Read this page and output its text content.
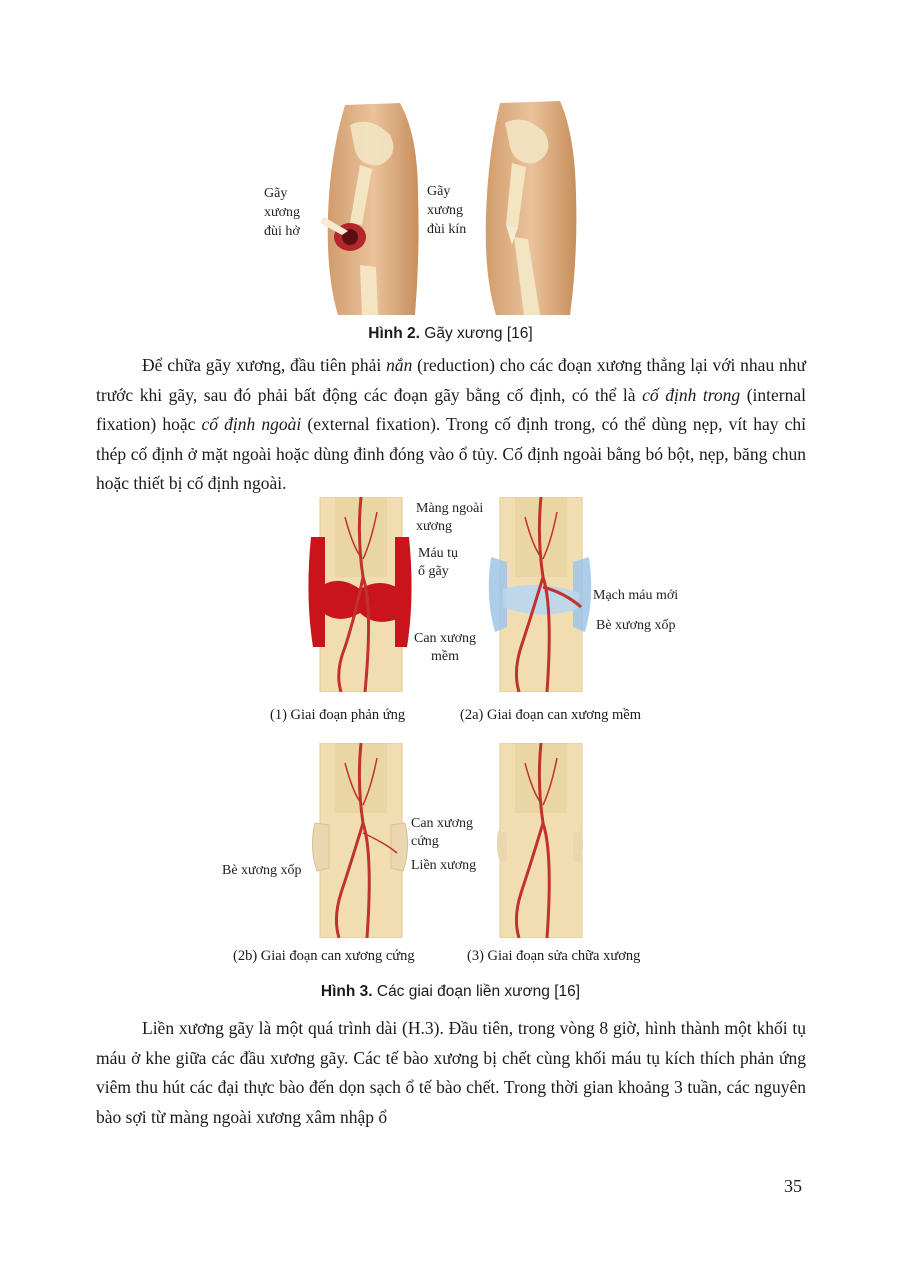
Gãy
xương
đùi hở
Gãy
xương
đùi kín
Hình 2. Gãy xương [16]
Để chữa gãy xương, đầu tiên phải nắn (reduction) cho các đoạn xương thẳng lại với nhau như trước khi gãy, sau đó phải bất động các đoạn gãy bằng cố định, có thể là cố định trong (internal fixation) hoặc cố định ngoài (external fixation). Trong cố định trong, có thể dùng nẹp, vít hay chỉ thép cố định ở mặt ngoài hoặc dùng đinh đóng vào ổ tủy. Cố định ngoài bằng bó bột, nẹp, băng chun hoặc thiết bị cố định ngoài.
Màng ngoài
xương
Máu tụ
ổ gãy
Can xương
mềm
Mạch máu mới
Bè xương xốp
Can xương
cứng
Bè xương xốp	Liền xương
(1) Giai đoạn phản ứng	(2a) Giai đoạn can xương mềm
(2b) Giai đoạn can xương cứng	(3) Giai đoạn sửa chữa xương
Hình 3. Các giai đoạn liền xương [16]
Liền xương gãy là một quá trình dài (H.3). Đầu tiên, trong vòng 8 giờ, hình thành một khối tụ máu ở khe giữa các đầu xương gãy. Các tế bào xương bị chết cùng khối máu tụ kích thích phản ứng viêm thu hút các đại thực bào đến dọn sạch ổ tế bào chết. Trong thời gian khoảng 3 tuần, các nguyên bào sợi từ màng ngoài xương xâm nhập ổ
35
